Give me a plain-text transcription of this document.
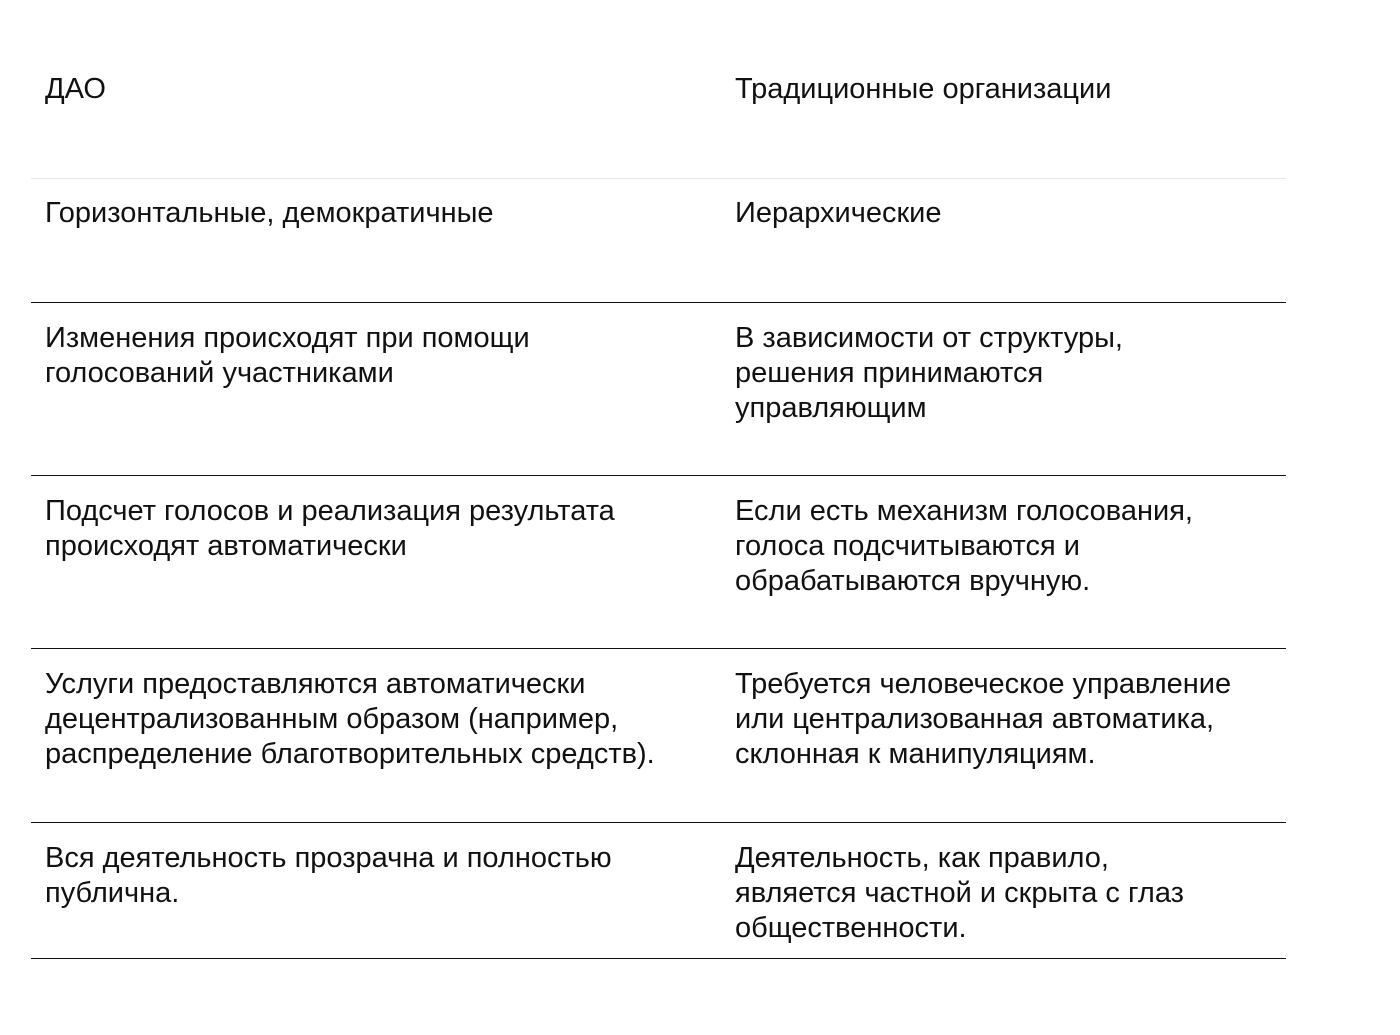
ДАО	Традиционные организации
Горизонтальные, демократичные	Иерархические
Изменения происходят при помощи
голосований участниками
В зависимости от структуры,
решения принимаются
управляющим
Подсчет голосов и реализация результата
происходят автоматически
Если есть механизм голосования,
голоса подсчитываются и
обрабатываются вручную.
Услуги предоставляются автоматически
децентрализованным образом (например,
распределение благотворительных средств).
Требуется человеческое управление
или централизованная автоматика,
склонная к манипуляциям.
Вся деятельность прозрачна и полностью
публична.
Деятельность, как правило,
является частной и скрыта с глаз
общественности.
